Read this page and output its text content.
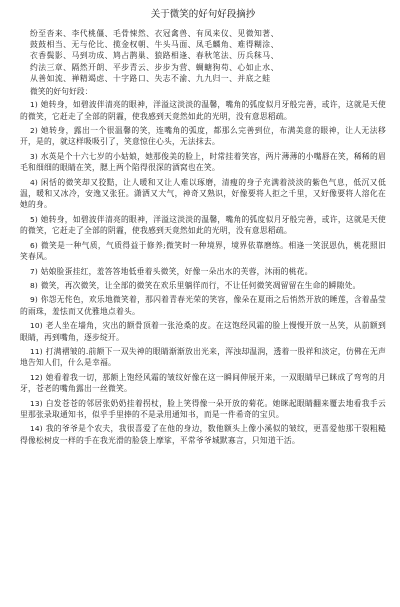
关于微笑的好句好段摘抄
纷至沓来、李代桃僵、毛骨悚然、衣冠禽兽、有凤来仪、见微知著、
鼓鼓相当、无与伦比、揽金权朝、牛头马面、凤毛麟角、难得糊涂、
衣香鬓影、马到功成、鸠占鹊巢、狼路相逢、春秋笔法、历兵秣马、
约法三章、隔然开朗、平步青云、步步为营、蜩螗狗苟、心如止水、
从善如流、禅精竭虑、十字路口、失志不渝、九九归一、并底之蛙
微笑的好句好段：

1) 她转身，如碧波伴清亮的眼神，洋溢这淡淡的温馨，嘴角的弧度似月牙般完善，或许，这就是天使的微笑，它赶走了全部的阴霾，使我感到天竟然如此的光明，没有意思稻疏。

2) 她转身，露出一个很温馨的笑，连嘴角的弧度，都那么完善到位，布满美意的眼神，让人无法移开，是的，就这样吸吸引了，笑意惊住心头，无法抹去。

3) 水英是个十六七岁的小姑娘，她那俊美的脸上，时常挂着笑容，两片薄薄的小嘴唇在笑，稀稀的眉毛和细细的眼睛在笑，腮上两个陷得很深的酒窝也在笑。

4) 闲恬的微笑却又狡黠，让人暖和又让人难以琢磨，清瘦的身子充满着淡淡的紫色气息，低沉又低温，暖和又冰冷，安逸又张狂。潇洒又大气，神奇又熟识，好像要将人拒之千里，又好像要将人溶化在她的身。

5) 她转身，如碧波伴清亮的眼神，洋溢这淡淡的温馨，嘴角的弧度似月牙般完善，或许，这就是天使的微笑，它赶走了全部的阴霾，使我感到天竟然如此的光明，没有意思稻疏。

6) 微笑是一种气质，气质得益于修养;微笑时一种境界，境界依靠磨练。相逢一笑泯恩仇，桃花照旧笑春风。

7) 姑娘脸蛋挂红，羞答答地低垂着头微笑，好像一朵出水的芙蓉，沐雨的桃花。

8) 微笑，再次微笑，让全部的微笑在欢乐里躺徉而行，不让任何微笑凋留留在生命的瞬隙处。

9) 你怨无侘色，欢乐地微笑着，那闪着青春光荣的笑容，像朵在夏雨之后悄然开放的睡莲，含着晶莹的雨珠，羞怯而又优雅地点着头。

10) 老人坐在墙角，灾出的额骨顶着一张沧桑的皮。在这饱经风霜的脸上慢慢开放一丛笑，从前额到眼睛，再到嘴角，逐步绽开。

11) 打满褶皱的.前额下一双失神的眼睛渐渐放出光来，浑浊却温润，透着一股祥和淡定，仿佛在无声地告知人们，什么是幸福。

12) 她看着我一切，那额上饱经风霜的皱纹好像在这一瞬间伸展开来，一双眼睛早已眯成了弯弯的月牙，苍老的嘴角露出一丝微笑。

13) 白发苍苍的邻居张奶奶挂着拐杖，脸上笑得像一朵开放的菊花。她眯起眼睛翻来覆去地看我手云里那张录取通知书，似乎手里捧的不是录用通知书，而是一件希奇的宝贝。

14) 我的爷爷是个农夫，我很喜爱了在他的身边，数他额头上像小溪似的皱纹，更喜爱他那干裂粗糙得像松树皮一样的手在我光滑的脸袋上摩挲，平常爷爷城默寡言，只知道干活。
